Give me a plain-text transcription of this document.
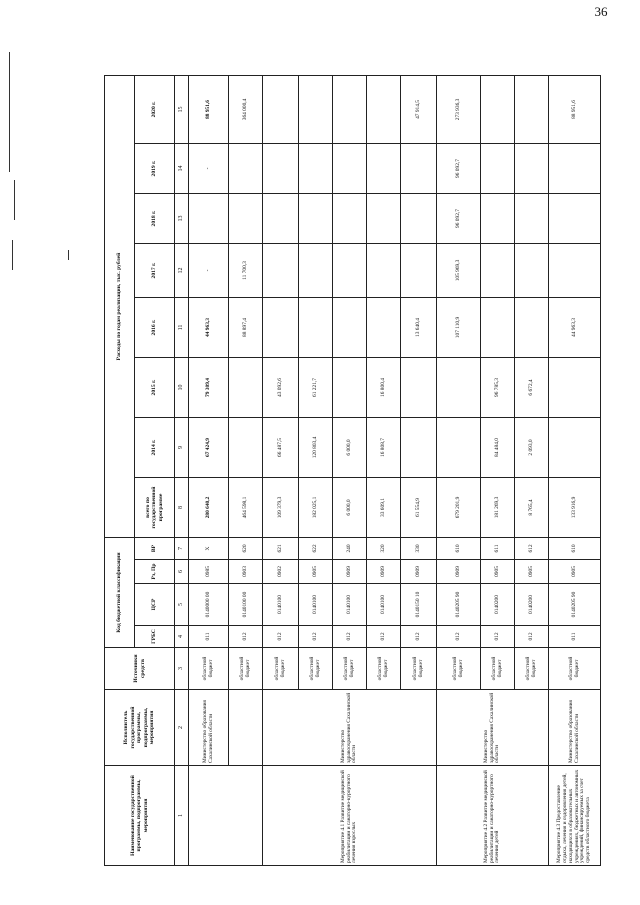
36
Наименование государственной программы, подпрограммы, мероприятия	Исполнитель государственной программы, подпрограммы, мероприятия	Источники средств	Код бюджетной классификации				Расходы по годам реализации, тыс. рублей							
			ГРБС	ЦСР	Рз, Пр	ВР	всего по государственной программе	2014 г.	2015 г.	2016 г.	2017 г.	2018 г.	2019 г.	2020 г.
1	2	3	4	5	6	7	8	9	10	11	12	13	14	15
	Министерство образования Сахалинской области	областной бюджет	011	0140000 00	0985	Х	280 640,2	67 424,9	79 309,4	44 963,3	-		-	88 951,6
		областной бюджет	012	0140100 00	0903	620	464 598,1			88 897,4	11 700,3			364 000,4
Мероприятие 4.1 Развитие медицинской реабилитации и санаторно-курортного лечения взрослых	Министерство здравоохранения Сахалинской области	областной бюджет	012	0140100	0902	621	109 379,3	66 487,5	43 092,6					
		областной бюджет	012	0140100	0905	622	182 025,1	120 803,4	61 221,7					
		областной бюджет	012	0140100	0909	240	6 000,0	6 000,0						
		областной бюджет	012	0140100	0909	320	33 609,1	16 808,7	16 800,4					
		областной бюджет	012	0140150 10	0909	330	61 554,9			13 640,4				47 914,5
Мероприятие 4.2 Развитие медицинской реабилитации и санаторно-курортного лечения детей	Министерство здравоохранения Сахалинской области	областной бюджет	012	0140205 90	0909	610	679 201,9			107 110,9	105 969,3	96 092,7	96 092,7	273 936,3
		областной бюджет	012	0140200	0905	611	181 269,3	84 484,0	96 785,3					
		областной бюджет	012	0140200	0905	612	8 765,4	2 093,0	6 672,4					
Мероприятие 4.3 Предоставление отдыха, лечения и оздоровления детей, находящихся в образовательных учреждениях, бюджетных и автономных учреждений, финансируемых за счет средств областного бюджета	Министерство образования Сахалинской области	областной бюджет	011	0140205 90	0905	610	133 916,9			44 963,3				88 951,6
